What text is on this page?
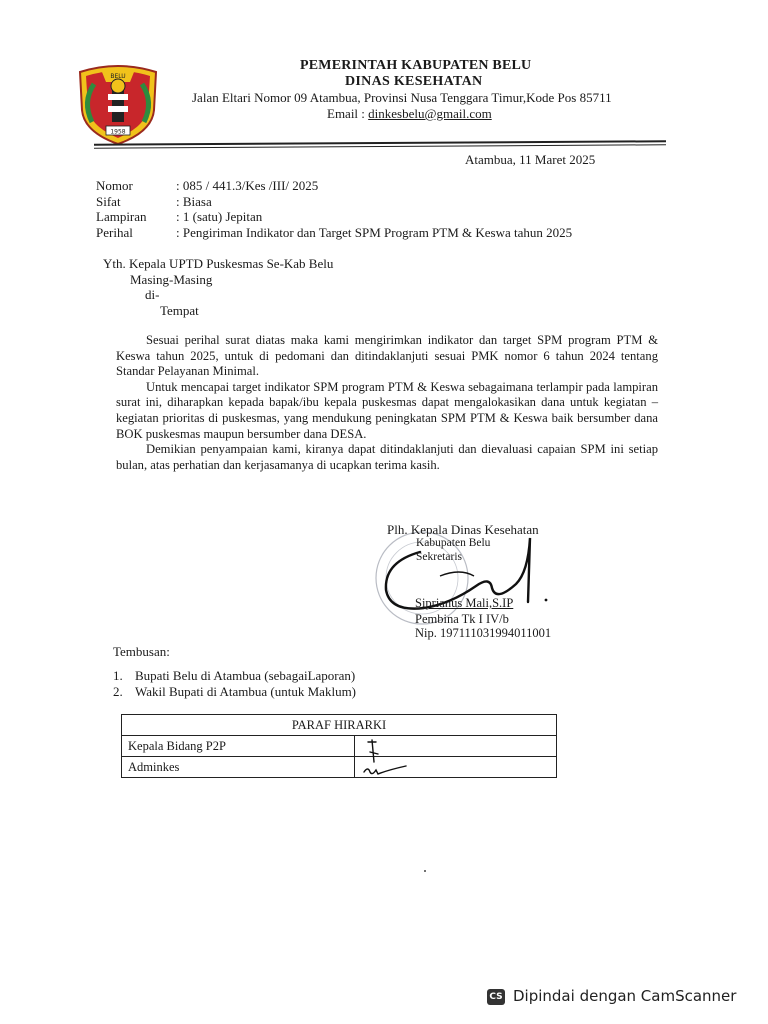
BELU
1958
PEMERINTAH KABUPATEN BELU
DINAS KESEHATAN
Jalan Eltari Nomor 09 Atambua, Provinsi Nusa Tenggara Timur,Kode Pos 85711
Email : dinkesbelu@gmail.com
Atambua, 11 Maret 2025
Nomor	: 085 / 441.3/Kes /III/ 2025
Sifat	: Biasa
Lampiran	: 1 (satu) Jepitan
Perihal	: Pengiriman Indikator dan Target SPM Program PTM & Keswa tahun 2025
Yth. Kepala UPTD Puskesmas Se-Kab Belu
Masing-Masing
di-
Tempat

Sesuai perihal surat diatas maka kami mengirimkan indikator dan target SPM program PTM & Keswa tahun 2025, untuk di pedomani dan ditindaklanjuti sesuai PMK nomor 6 tahun 2024 tentang Standar Pelayanan Minimal.

Untuk mencapai target indikator SPM program PTM & Keswa sebagaimana terlampir pada lampiran surat ini, diharapkan kepada bapak/ibu kepala puskesmas dapat mengalokasikan dana untuk kegiatan – kegiatan prioritas di puskesmas, yang mendukung peningkatan SPM PTM & Keswa baik bersumber dana BOK puskesmas maupun bersumber dana DESA.

Demikian penyampaian kami, kiranya dapat ditindaklanjuti dan dievaluasi capaian SPM ini setiap bulan, atas perhatian dan kerjasamanya di ucapkan terima kasih.

Plh. Kepala Dinas Kesehatan
Kabupaten Belu
Sekretaris
Siprianus Mali,S.IP
Pembina Tk I IV/b
Nip. 197111031994011001
Tembusan:
1. Bupati Belu di Atambua (sebagaiLaporan)
2. Wakil Bupati di Atambua (untuk Maklum)
PARAF HIRARKI	
Kepala Bidang P2P	
Adminkes	
CS Dipindai dengan CamScanner
